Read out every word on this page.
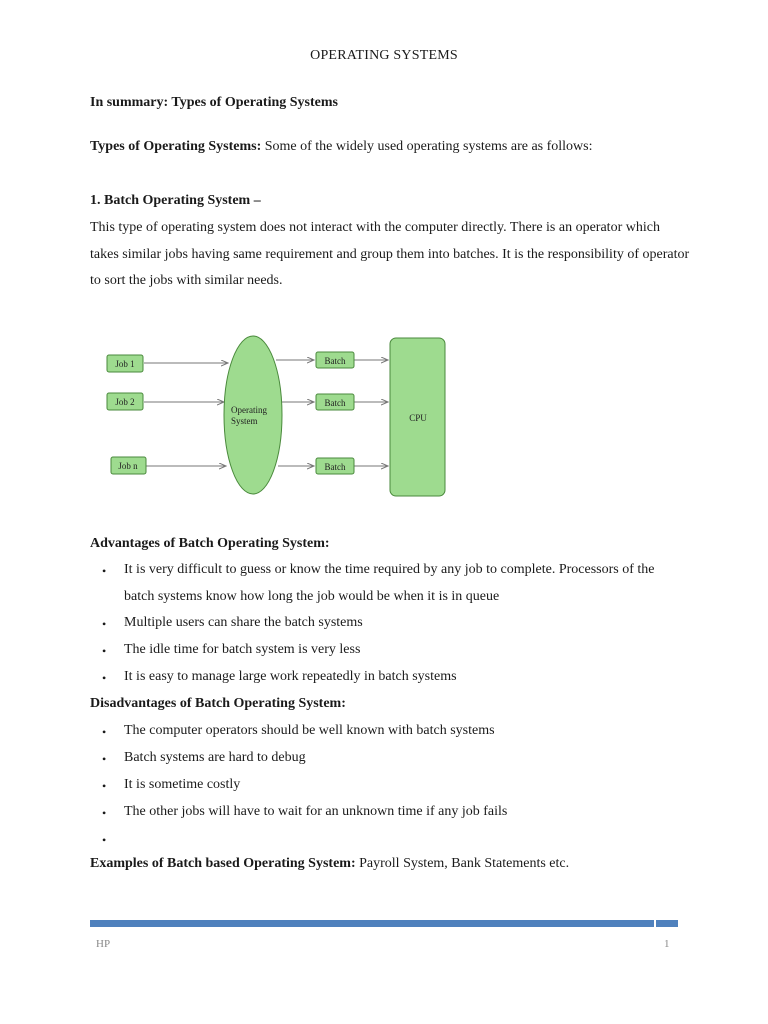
OPERATING SYSTEMS
In summary: Types of Operating Systems
Types of Operating Systems: Some of the widely used operating systems are as follows:
1. Batch Operating System –
This type of operating system does not interact with the computer directly. There is an operator which takes similar jobs having same requirement and group them into batches. It is the responsibility of operator to sort the jobs with similar needs.
Job 1
Job 2
Job n
Operating
System
Batch
Batch
Batch
CPU
Advantages of Batch Operating System:
• It is very difficult to guess or know the time required by any job to complete. Processors of the batch systems know how long the job would be when it is in queue
• Multiple users can share the batch systems
• The idle time for batch system is very less
• It is easy to manage large work repeatedly in batch systems
Disadvantages of Batch Operating System:
• The computer operators should be well known with batch systems
• Batch systems are hard to debug
• It is sometime costly
• The other jobs will have to wait for an unknown time if any job fails
•
Examples of Batch based Operating System: Payroll System, Bank Statements etc.
HP	1
